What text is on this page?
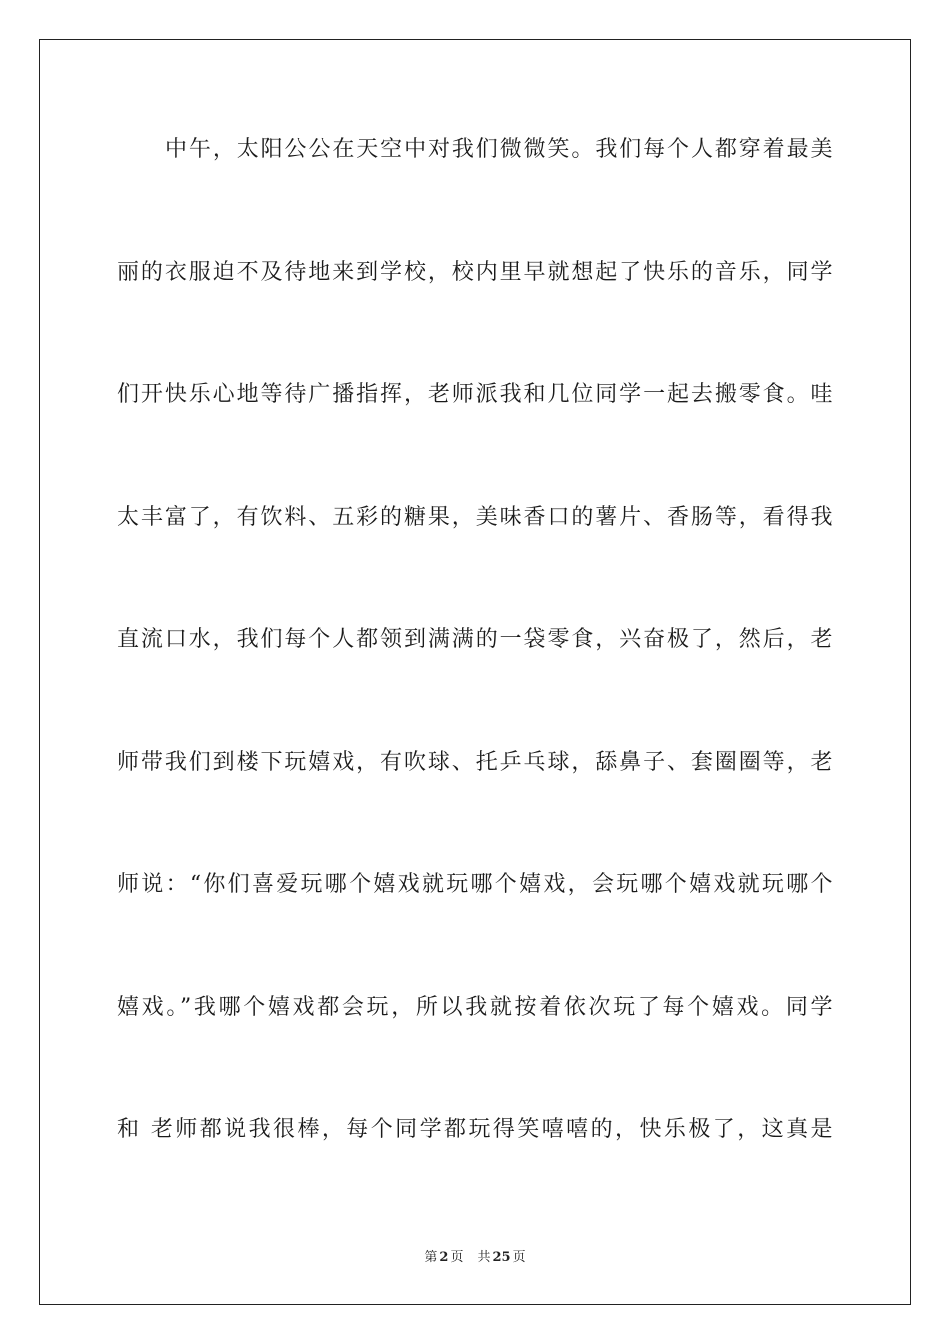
中午，太阳公公在天空中对我们微微笑。我们每个人都穿着最美
丽的衣服迫不及待地来到学校，校内里早就想起了快乐的音乐，同学
们开快乐心地等待广播指挥，老师派我和几位同学一起去搬零食。哇
太丰富了，有饮料、五彩的糖果，美味香口的薯片、香肠等，看得我
直流口水，我们每个人都领到满满的一袋零食，兴奋极了，然后，老
师带我们到楼下玩嬉戏，有吹球、托乒乓球，舔鼻子、套圈圈等，老
师说：“你们喜爱玩哪个嬉戏就玩哪个嬉戏，会玩哪个嬉戏就玩哪个
嬉戏。”我哪个嬉戏都会玩，所以我就按着依次玩了每个嬉戏。同学
和 老师都说我很棒，每个同学都玩得笑嘻嘻的，快乐极了，这真是
第 2 页 共 25 页
